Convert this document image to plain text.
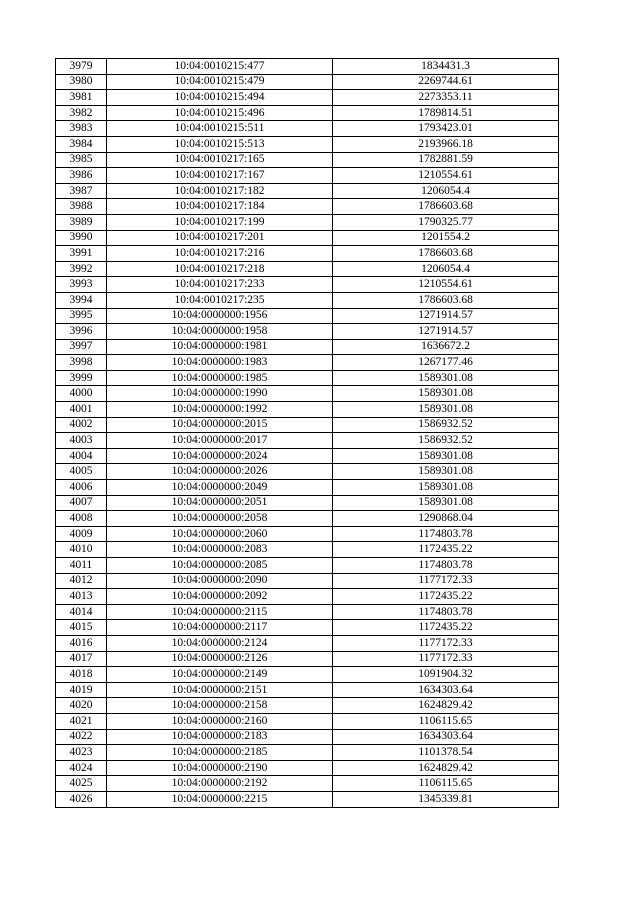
3979	10:04:0010215:477	1834431.3
3980	10:04:0010215:479	2269744.61
3981	10:04:0010215:494	2273353.11
3982	10:04:0010215:496	1789814.51
3983	10:04:0010215:511	1793423.01
3984	10:04:0010215:513	2193966.18
3985	10:04:0010217:165	1782881.59
3986	10:04:0010217:167	1210554.61
3987	10:04:0010217:182	1206054.4
3988	10:04:0010217:184	1786603.68
3989	10:04:0010217:199	1790325.77
3990	10:04:0010217:201	1201554.2
3991	10:04:0010217:216	1786603.68
3992	10:04:0010217:218	1206054.4
3993	10:04:0010217:233	1210554.61
3994	10:04:0010217:235	1786603.68
3995	10:04:0000000:1956	1271914.57
3996	10:04:0000000:1958	1271914.57
3997	10:04:0000000:1981	1636672.2
3998	10:04:0000000:1983	1267177.46
3999	10:04:0000000:1985	1589301.08
4000	10:04:0000000:1990	1589301.08
4001	10:04:0000000:1992	1589301.08
4002	10:04:0000000:2015	1586932.52
4003	10:04:0000000:2017	1586932.52
4004	10:04:0000000:2024	1589301.08
4005	10:04:0000000:2026	1589301.08
4006	10:04:0000000:2049	1589301.08
4007	10:04:0000000:2051	1589301.08
4008	10:04:0000000:2058	1290868.04
4009	10:04:0000000:2060	1174803.78
4010	10:04:0000000:2083	1172435.22
4011	10:04:0000000:2085	1174803.78
4012	10:04:0000000:2090	1177172.33
4013	10:04:0000000:2092	1172435.22
4014	10:04:0000000:2115	1174803.78
4015	10:04:0000000:2117	1172435.22
4016	10:04:0000000:2124	1177172.33
4017	10:04:0000000:2126	1177172.33
4018	10:04:0000000:2149	1091904.32
4019	10:04:0000000:2151	1634303.64
4020	10:04:0000000:2158	1624829.42
4021	10:04:0000000:2160	1106115.65
4022	10:04:0000000:2183	1634303.64
4023	10:04:0000000:2185	1101378.54
4024	10:04:0000000:2190	1624829.42
4025	10:04:0000000:2192	1106115.65
4026	10:04:0000000:2215	1345339.81
